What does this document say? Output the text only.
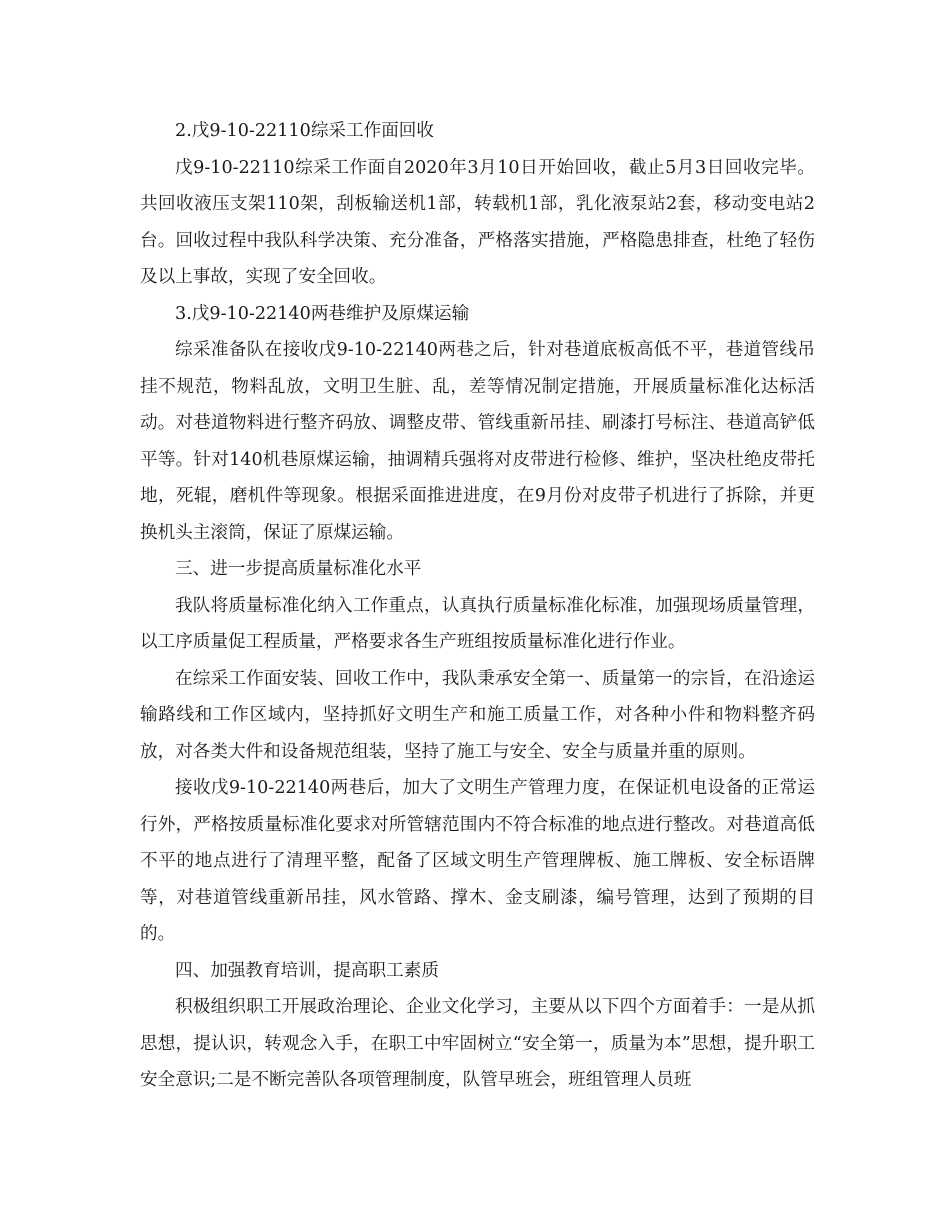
2.戊9-10-22110综采工作面回收

戊9-10-22110综采工作面自2020年3月10日开始回收，截止5月3日回收完毕。共回收液压支架110架，刮板输送机1部，转载机1部，乳化液泵站2套，移动变电站2台。回收过程中我队科学决策、充分准备，严格落实措施，严格隐患排查，杜绝了轻伤及以上事故，实现了安全回收。

3.戊9-10-22140两巷维护及原煤运输

综采准备队在接收戊9-10-22140两巷之后，针对巷道底板高低不平，巷道管线吊挂不规范，物料乱放，文明卫生脏、乱，差等情况制定措施，开展质量标准化达标活动。对巷道物料进行整齐码放、调整皮带、管线重新吊挂、刷漆打号标注、巷道高铲低平等。针对140机巷原煤运输，抽调精兵强将对皮带进行检修、维护，坚决杜绝皮带托地，死辊，磨机件等现象。根据采面推进进度，在9月份对皮带子机进行了拆除，并更换机头主滚筒，保证了原煤运输。

三、进一步提高质量标准化水平

我队将质量标准化纳入工作重点，认真执行质量标准化标准，加强现场质量管理，以工序质量促工程质量，严格要求各生产班组按质量标准化进行作业。

在综采工作面安装、回收工作中，我队秉承安全第一、质量第一的宗旨，在沿途运输路线和工作区域内，坚持抓好文明生产和施工质量工作，对各种小件和物料整齐码放，对各类大件和设备规范组装，坚持了施工与安全、安全与质量并重的原则。

接收戊9-10-22140两巷后，加大了文明生产管理力度，在保证机电设备的正常运行外，严格按质量标准化要求对所管辖范围内不符合标准的地点进行整改。对巷道高低不平的地点进行了清理平整，配备了区域文明生产管理牌板、施工牌板、安全标语牌等，对巷道管线重新吊挂，风水管路、撑木、金支刷漆，编号管理，达到了预期的目的。

四、加强教育培训，提高职工素质

积极组织职工开展政治理论、企业文化学习，主要从以下四个方面着手：一是从抓思想，提认识，转观念入手，在职工中牢固树立“安全第一，质量为本”思想，提升职工安全意识;二是不断完善队各项管理制度，队管早班会，班组管理人员班
